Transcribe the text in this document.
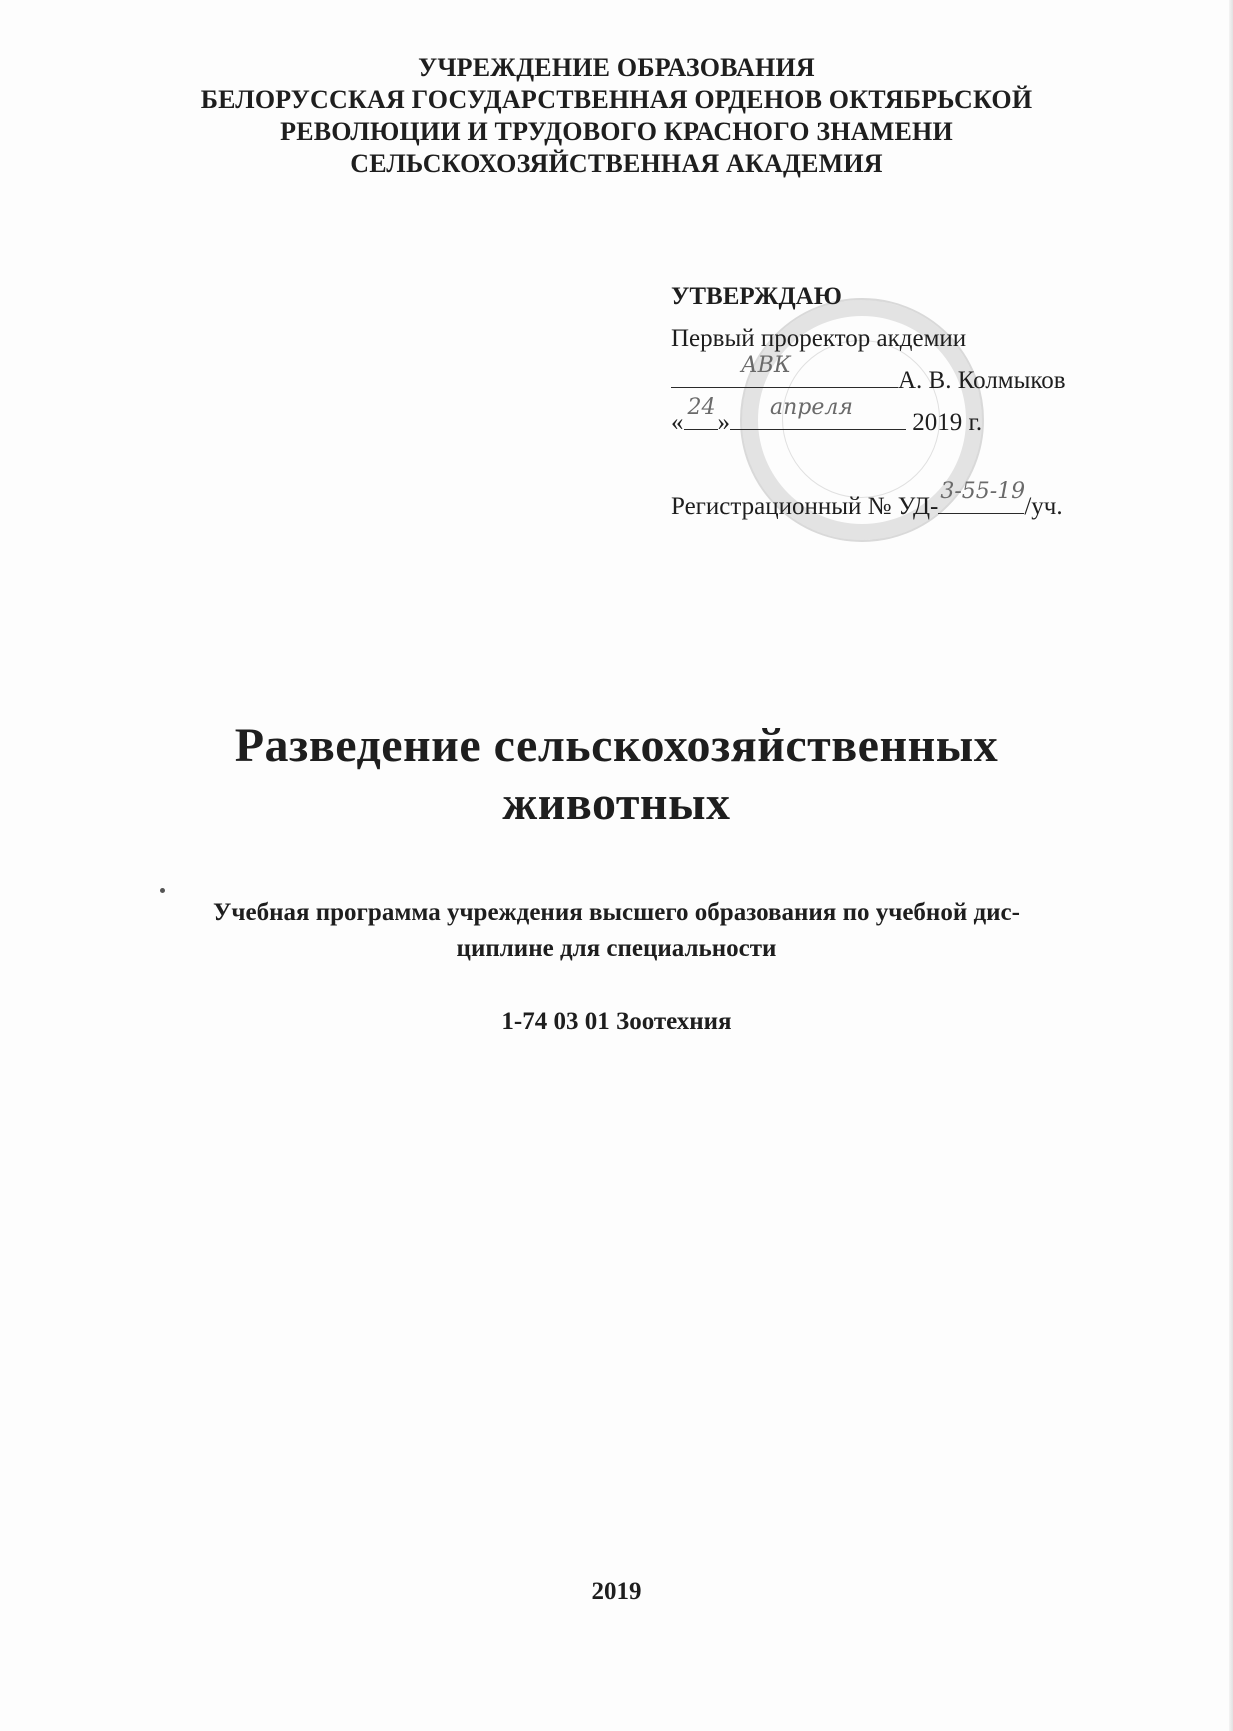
УЧРЕЖДЕНИЕ ОБРАЗОВАНИЯ
БЕЛОРУССКАЯ ГОСУДАРСТВЕННАЯ ОРДЕНОВ ОКТЯБРЬСКОЙ
РЕВОЛЮЦИИ И ТРУДОВОГО КРАСНОГО ЗНАМЕНИ
СЕЛЬСКОХОЗЯЙСТВЕННАЯ АКАДЕМИЯ
УТВЕРЖДАЮ
Первый проректор акдемии
АВК
А. В. Колмыков
«
24
»
апреля
2019 г.
Регистрационный № УД-
3-55-19
/уч.
Разведение сельскохозяйственных
животных
Учебная программа учреждения высшего образования по учебной дис-
циплине для специальности
1-74 03 01 Зоотехния
2019
